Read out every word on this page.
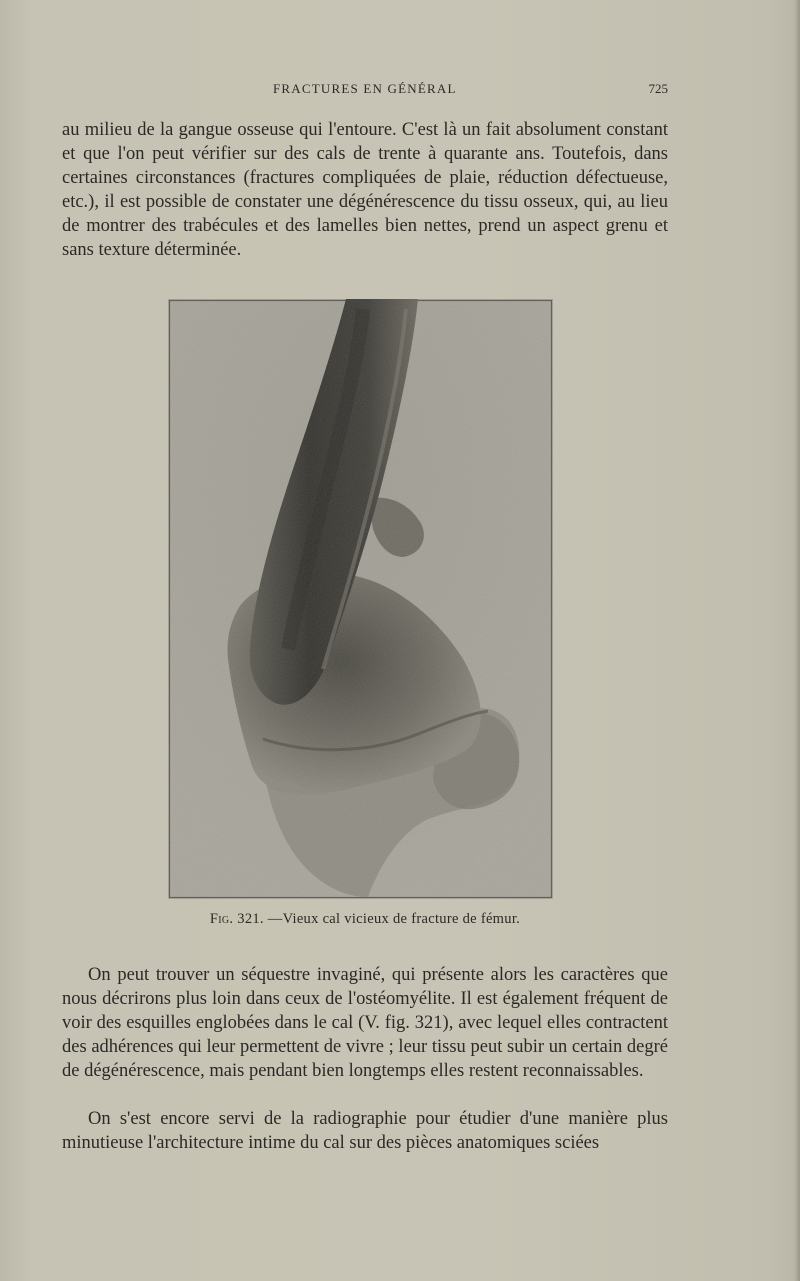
FRACTURES EN GÉNÉRAL	725

au milieu de la gangue osseuse qui l'entoure. C'est là un fait absolument constant et que l'on peut vérifier sur des cals de trente à quarante ans. Toutefois, dans certaines circonstances (fractures compliquées de plaie, réduction défectueuse, etc.), il est possible de constater une dégénérescence du tissu osseux, qui, au lieu de montrer des trabécules et des lamelles bien nettes, prend un aspect grenu et sans texture déterminée.

Fig. 321. —Vieux cal vicieux de fracture de fémur.

On peut trouver un séquestre invaginé, qui présente alors les caractères que nous décrirons plus loin dans ceux de l'ostéomyélite. Il est également fréquent de voir des esquilles englobées dans le cal (V. fig. 321), avec lequel elles contractent des adhérences qui leur permettent de vivre ; leur tissu peut subir un certain degré de dégénérescence, mais pendant bien longtemps elles restent reconnaissables.

On s'est encore servi de la radiographie pour étudier d'une manière plus minutieuse l'architecture intime du cal sur des pièces anatomiques sciées
